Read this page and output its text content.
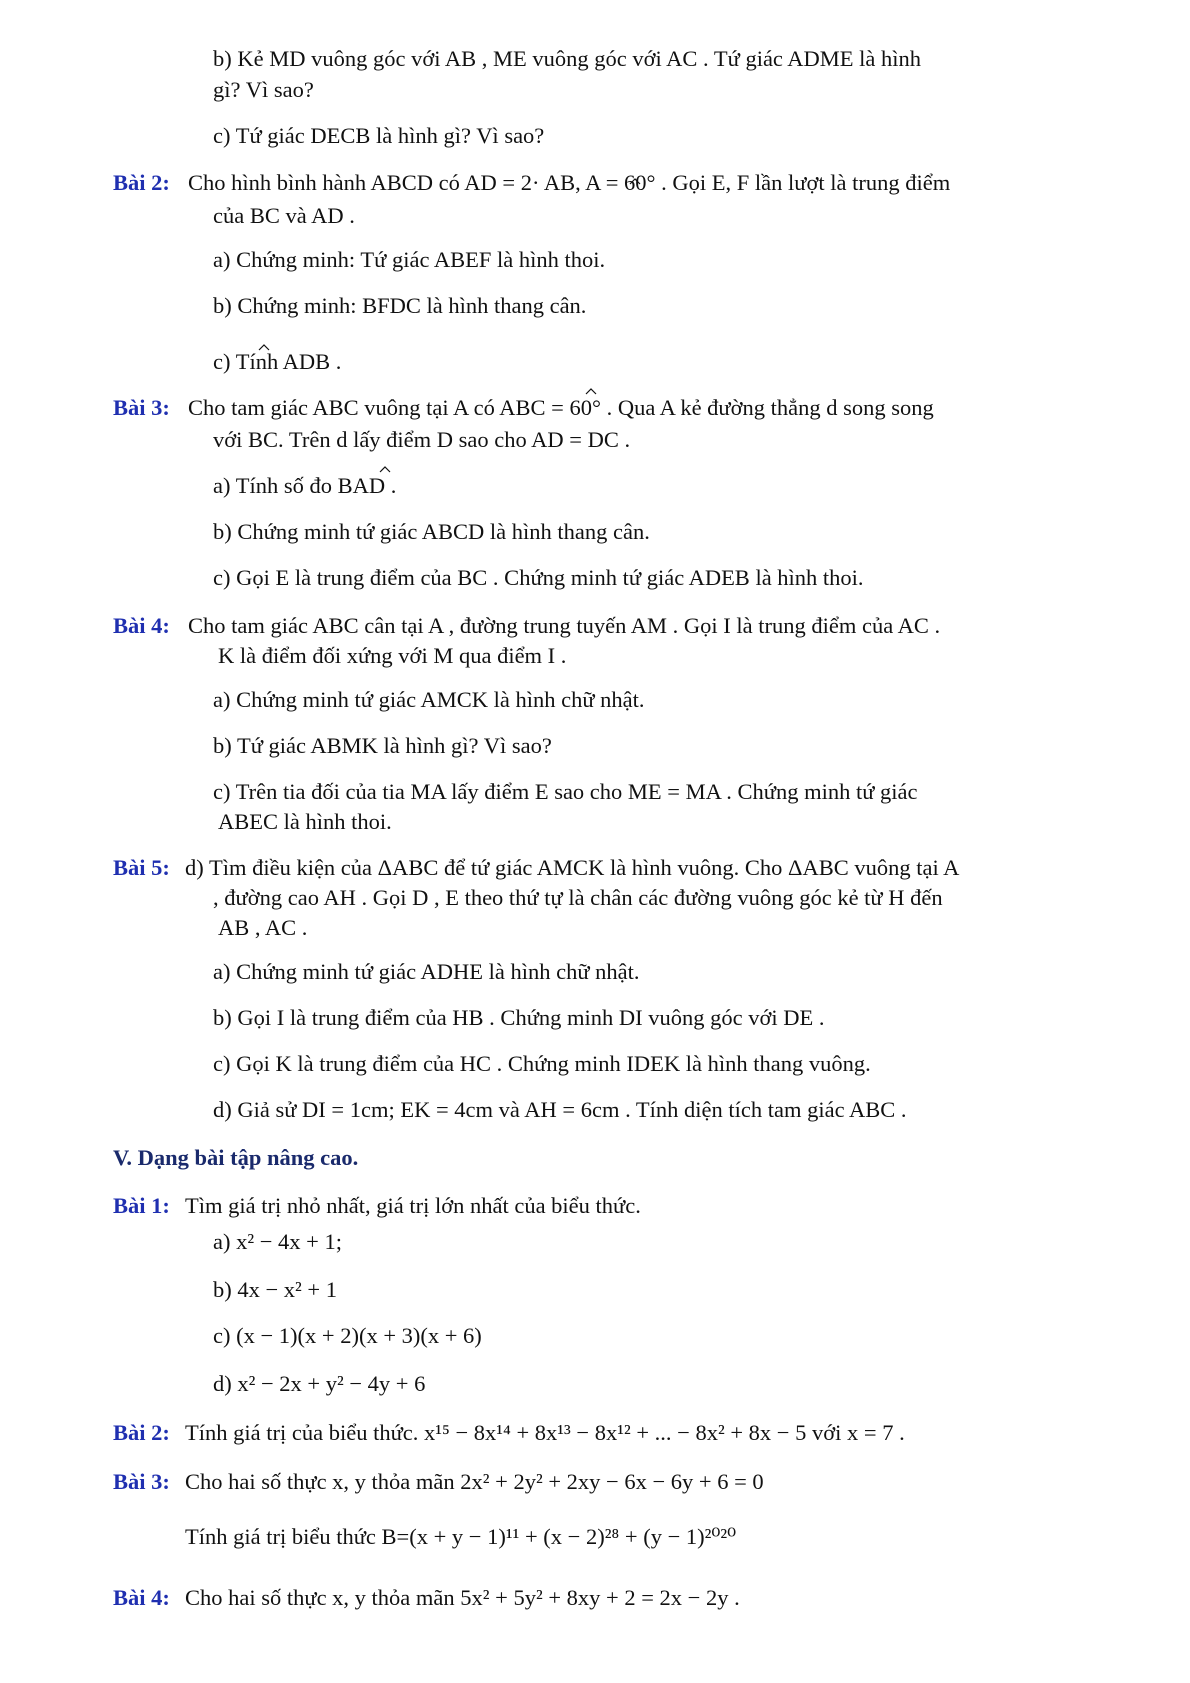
b) Kẻ MD vuông góc với AB , ME vuông góc với AC . Tứ giác ADME là hình
gì? Vì sao?
c) Tứ giác DECB là hình gì? Vì sao?
Bài 2: Cho hình bình hành ABCD có AD = 2· AB, A = 60° . Gọi E, F lần lượt là trung điểm
của BC và AD .
a) Chứng minh: Tứ giác ABEF là hình thoi.
b) Chứng minh: BFDC là hình thang cân.
c) Tính ADB .
Bài 3: Cho tam giác ABC vuông tại A có ABC = 60° . Qua A kẻ đường thẳng d song song
với BC. Trên d lấy điểm D sao cho AD = DC .
a) Tính số đo BAD .
b) Chứng minh tứ giác ABCD là hình thang cân.
c) Gọi E là trung điểm của BC . Chứng minh tứ giác ADEB là hình thoi.
Bài 4: Cho tam giác ABC cân tại A , đường trung tuyến AM . Gọi I là trung điểm của AC .
K là điểm đối xứng với M qua điểm I .
a) Chứng minh tứ giác AMCK là hình chữ nhật.
b) Tứ giác ABMK là hình gì? Vì sao?
c) Trên tia đối của tia MA lấy điểm E sao cho ME = MA . Chứng minh tứ giác
ABEC là hình thoi.
Bài 5: d) Tìm điều kiện của ΔABC để tứ giác AMCK là hình vuông. Cho ΔABC vuông tại A
, đường cao AH . Gọi D , E theo thứ tự là chân các đường vuông góc kẻ từ H đến
AB , AC .
a) Chứng minh tứ giác ADHE là hình chữ nhật.
b) Gọi I là trung điểm của HB . Chứng minh DI vuông góc với DE .
c) Gọi K là trung điểm của HC . Chứng minh IDEK là hình thang vuông.
d) Giả sử DI = 1cm; EK = 4cm và AH = 6cm . Tính diện tích tam giác ABC .
V. Dạng bài tập nâng cao.
Bài 1: Tìm giá trị nhỏ nhất, giá trị lớn nhất của biểu thức.
a) x² − 4x + 1;
b) 4x − x² + 1
c) (x − 1)(x + 2)(x + 3)(x + 6)
d) x² − 2x + y² − 4y + 6
Bài 2: Tính giá trị của biểu thức. x¹⁵ − 8x¹⁴ + 8x¹³ − 8x¹² + ... − 8x² + 8x − 5 với x = 7 .
Bài 3: Cho hai số thực x, y thỏa mãn 2x² + 2y² + 2xy − 6x − 6y + 6 = 0
Tính giá trị biểu thức B=(x + y − 1)¹¹ + (x − 2)²⁸ + (y − 1)²⁰²⁰
Bài 4: Cho hai số thực x, y thỏa mãn 5x² + 5y² + 8xy + 2 = 2x − 2y .
